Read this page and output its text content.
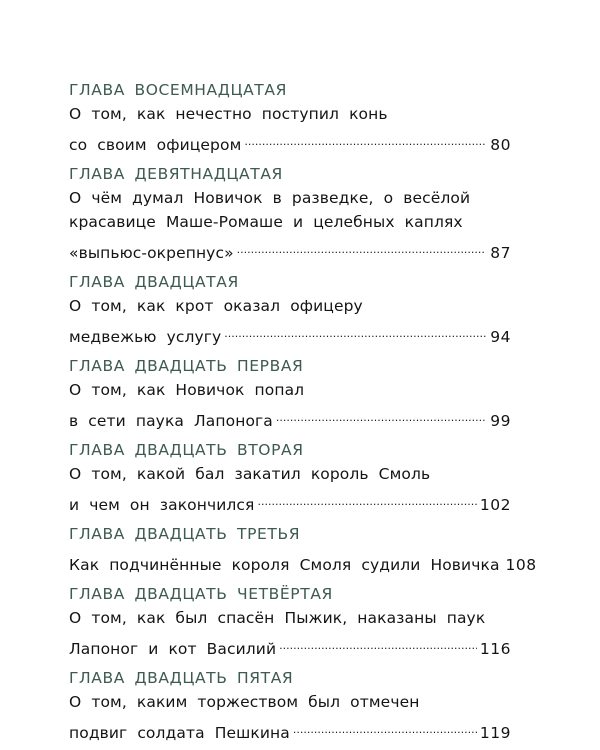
ГЛАВА ВОСЕМНАДЦАТАЯ
О том, как нечестно поступил конь
со своим офицером .....	80
ГЛАВА ДЕВЯТНАДЦАТАЯ
О чём думал Новичок в разведке, о весёлой
красавице Маше-Ромаше и целебных каплях
«выпьюс-окрепнус» .....	87
ГЛАВА ДВАДЦАТАЯ
О том, как крот оказал офицеру
медвежью услугу .....	94
ГЛАВА ДВАДЦАТЬ ПЕРВАЯ
О том, как Новичок попал
в сети паука Лапонога .....	99
ГЛАВА ДВАДЦАТЬ ВТОРАЯ
О том, какой бал закатил король Смоль
и чем он закончился .....	102
ГЛАВА ДВАДЦАТЬ ТРЕТЬЯ
Как подчинённые короля Смоля судили Новичка 108
ГЛАВА ДВАДЦАТЬ ЧЕТВЁРТАЯ
О том, как был спасён Пыжик, наказаны паук
Лапоног и кот Василий .....	116
ГЛАВА ДВАДЦАТЬ ПЯТАЯ
О том, каким торжеством был отмечен
подвиг солдата Пешкина .....	119
